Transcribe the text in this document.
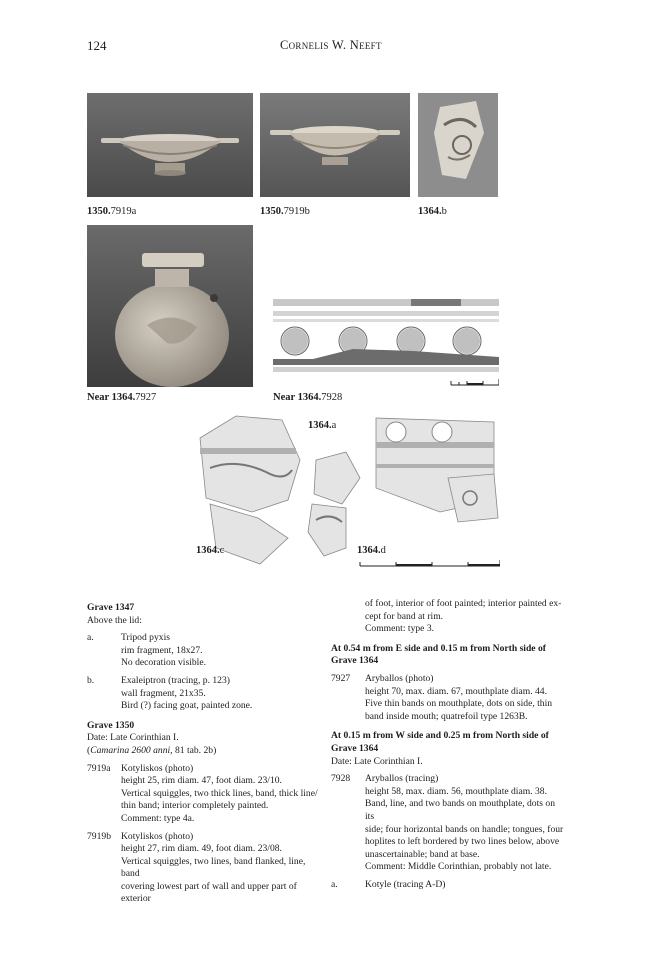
124	Cornelis W. Neeft
1350.7919a	1350.7919b	1364.b
Near 1364.7927	Near 1364.7928
1364.a
1364.c	1364.d
Grave 1347
Above the lid:
a.	Tripod pyxis
rim fragment, 18x27.
No decoration visible.
b.	Exaleiptron (tracing, p. 123)
wall fragment, 21x35.
Bird (?) facing goat, painted zone.
Grave 1350
Date: Late Corinthian I.
(Camarina 2600 anni, 81 tab. 2b)
7919a	Kotyliskos (photo)
height 25, rim diam. 47, foot diam. 23/10.
Vertical squiggles, two thick lines, band, thick line/
thin band; interior completely painted.
Comment: type 4a.
7919b	Kotyliskos (photo)
height 27, rim diam. 49, foot diam. 23/08.
Vertical squiggles, two lines, band flanked, line, band
covering lowest part of wall and upper part of exterior
of foot, interior of foot painted; interior painted ex-
cept for band at rim.
Comment: type 3.
At 0.54 m from E side and 0.15 m from North side of
Grave 1364
7927	Aryballos (photo)
height 70, max. diam. 67, mouthplate diam. 44.
Five thin bands on mouthplate, dots on side, thin
band inside mouth; quatrefoil type 1263B.
At 0.15 m from W side and 0.25 m from North side of
Grave 1364
Date: Late Corinthian I.
7928	Aryballos (tracing)
height 58, max. diam. 56, mouthplate diam. 38.
Band, line, and two bands on mouthplate, dots on its
side; four horizontal bands on handle; tongues, four
hoplites to left bordered by two lines below, above
unascertainable; band at base.
Comment: Middle Corinthian, probably not late.
a.	Kotyle (tracing A-D)
